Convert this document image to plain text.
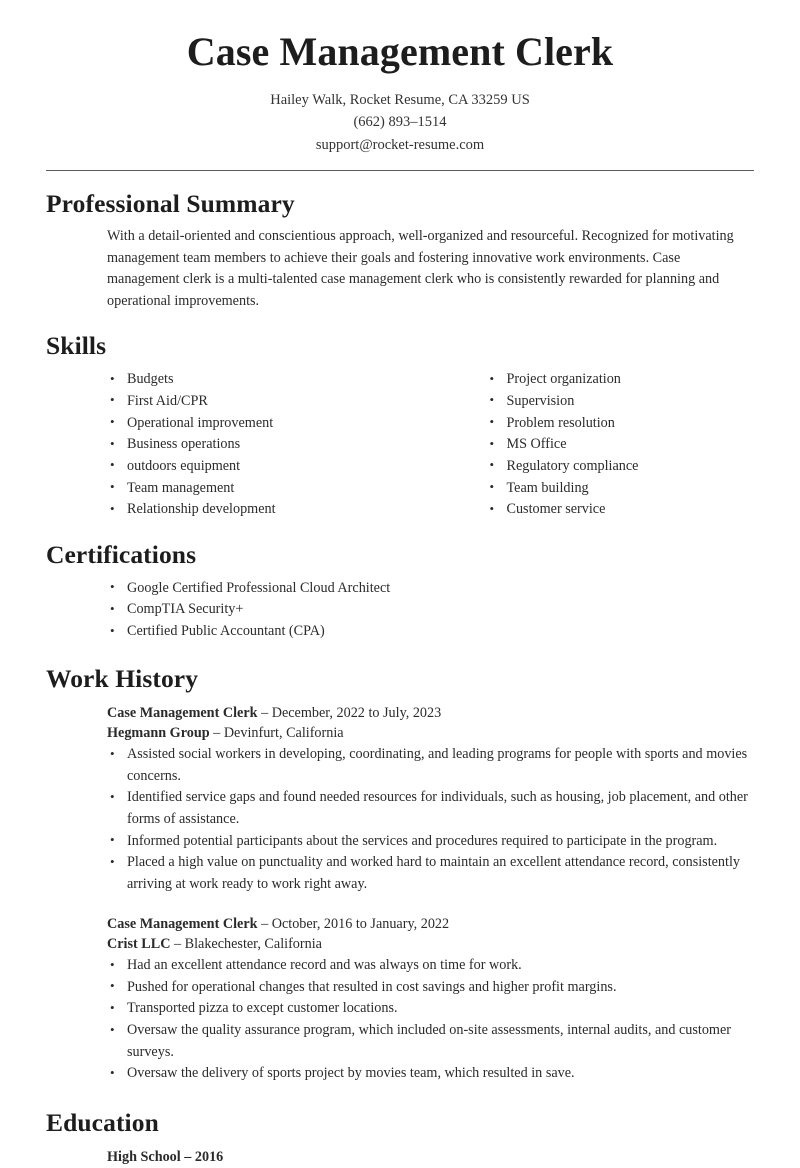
Case Management Clerk

Hailey Walk, Rocket Resume, CA 33259 US

(662) 893–1514

support@rocket-resume.com

Professional Summary

With a detail-oriented and conscientious approach, well-organized and resourceful. Recognized for motivating management team members to achieve their goals and fostering innovative work environments. Case management clerk is a multi-talented case management clerk who is consistently rewarded for planning and operational improvements.

Skills
• Budgets
• First Aid/CPR
• Operational improvement
• Business operations
• outdoors equipment
• Team management
• Relationship development
• Project organization
• Supervision
• Problem resolution
• MS Office
• Regulatory compliance
• Team building
• Customer service
Certifications
• Google Certified Professional Cloud Architect
• CompTIA Security+
• Certified Public Accountant (CPA)
Work History
Case Management Clerk – December, 2022 to July, 2023
Hegmann Group – Devinfurt, California
• Assisted social workers in developing, coordinating, and leading programs for people with sports and movies concerns.
• Identified service gaps and found needed resources for individuals, such as housing, job placement, and other forms of assistance.
• Informed potential participants about the services and procedures required to participate in the program.
• Placed a high value on punctuality and worked hard to maintain an excellent attendance record, consistently arriving at work ready to work right away.
Case Management Clerk – October, 2016 to January, 2022
Crist LLC – Blakechester, California
• Had an excellent attendance record and was always on time for work.
• Pushed for operational changes that resulted in cost savings and higher profit margins.
• Transported pizza to except customer locations.
• Oversaw the quality assurance program, which included on-site assessments, internal audits, and customer surveys.
• Oversaw the delivery of sports project by movies team, which resulted in save.
Education
High School – 2016
